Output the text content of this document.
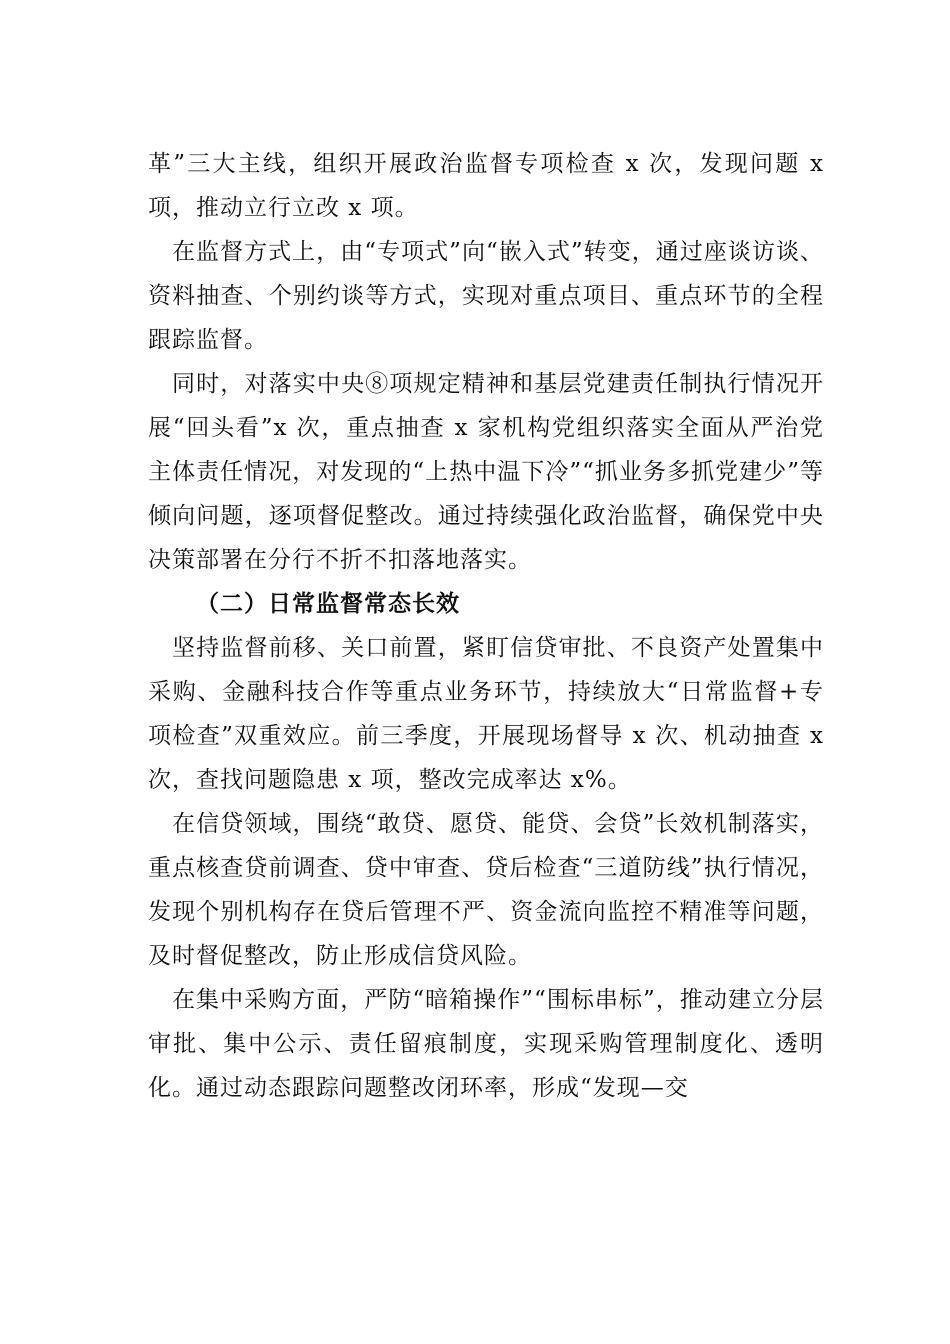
革”三大主线，组织开展政治监督专项检查 x 次，发现问题 x 项，推动立行立改 x 项。

在监督方式上，由“专项式”向“嵌入式”转变，通过座谈访谈、资料抽查、个别约谈等方式，实现对重点项目、重点环节的全程跟踪监督。

同时，对落实中央⑧项规定精神和基层党建责任制执行情况开展“回头看”x 次，重点抽查 x 家机构党组织落实全面从严治党主体责任情况，对发现的“上热中温下冷”“抓业务多抓党建少”等倾向问题，逐项督促整改。通过持续强化政治监督，确保党中央决策部署在分行不折不扣落地落实。

（二）日常监督常态长效

坚持监督前移、关口前置，紧盯信贷审批、不良资产处置集中采购、金融科技合作等重点业务环节，持续放大“日常监督+专项检查”双重效应。前三季度，开展现场督导 x 次、机动抽查 x 次，查找问题隐患 x 项，整改完成率达 x%。

在信贷领域，围绕“敢贷、愿贷、能贷、会贷”长效机制落实，重点核查贷前调查、贷中审查、贷后检查“三道防线”执行情况，发现个别机构存在贷后管理不严、资金流向监控不精准等问题，及时督促整改，防止形成信贷风险。

在集中采购方面，严防“暗箱操作”“围标串标”，推动建立分层审批、集中公示、责任留痕制度，实现采购管理制度化、透明化。通过动态跟踪问题整改闭环率，形成“发现—交
